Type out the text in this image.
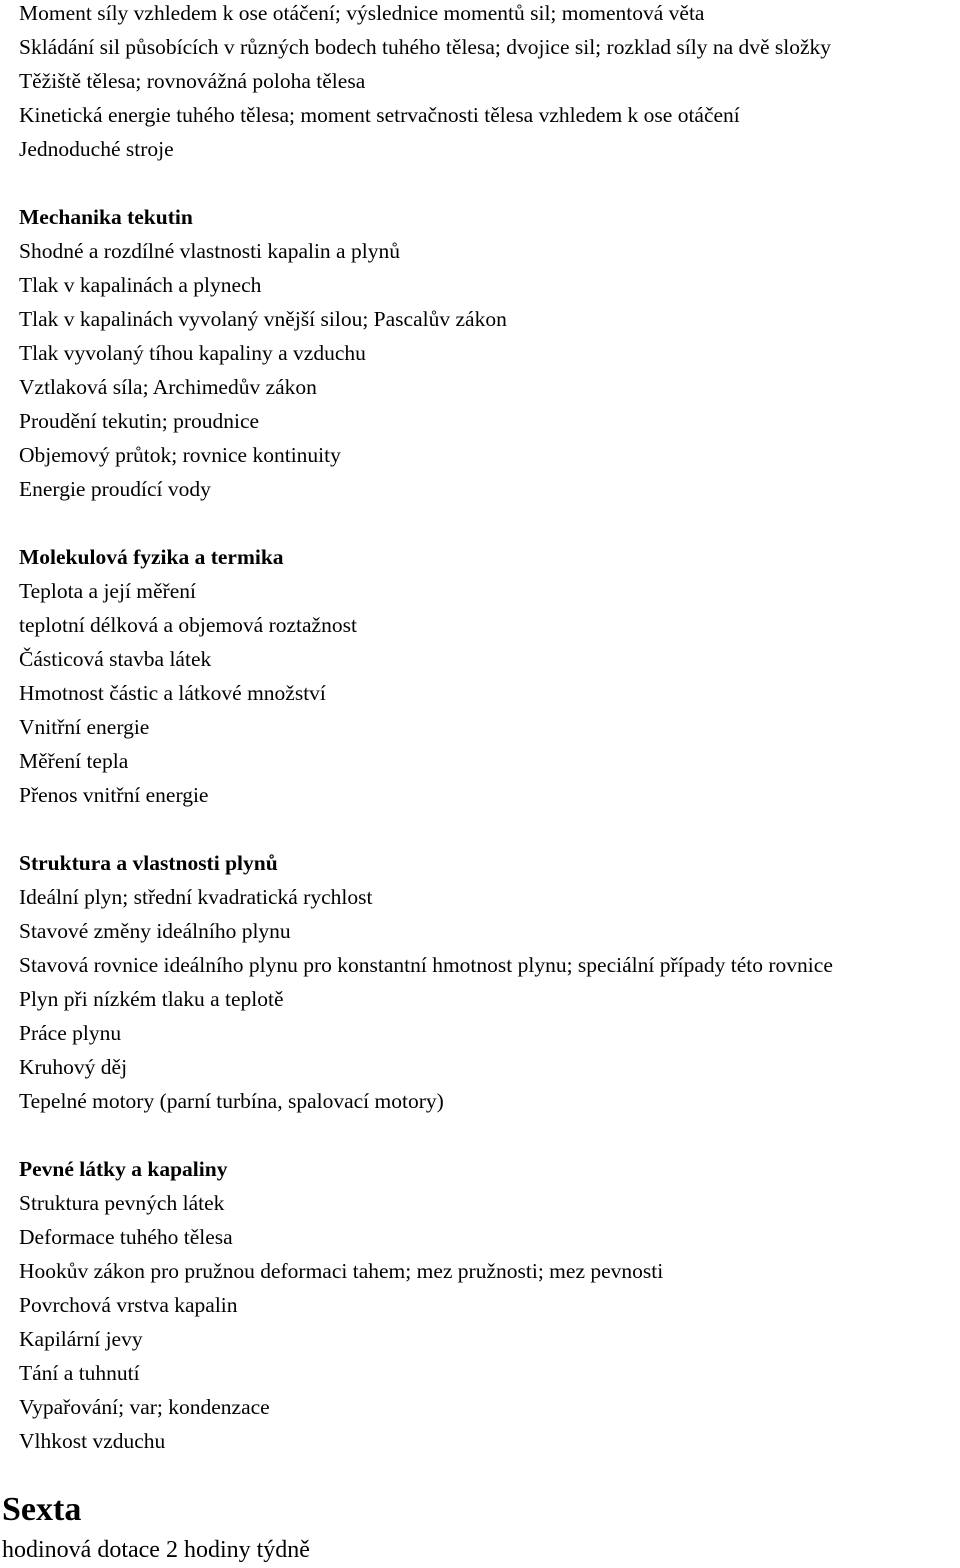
Vlhkost vzduchu
Vypařování; var; kondenzace
Tání a tuhnutí
Kapilární jevy
Povrchová vrstva kapalin
Hookův zákon pro pružnou deformaci tahem; mez pružnosti; mez pevnosti
Deformace tuhého tělesa
Struktura pevných látek
Pevné látky a kapaliny
Tepelné motory (parní turbína, spalovací motory)
Kruhový děj
Práce plynu
Plyn při nízkém tlaku a teplotě
Stavová rovnice ideálního plynu pro konstantní hmotnost plynu; speciální případy této rovnice
Stavové změny ideálního plynu
Ideální plyn; střední kvadratická rychlost
Struktura a vlastnosti plynů
Přenos vnitřní energie
Měření tepla
Vnitřní energie
Hmotnost částic a látkové množství
Částicová stavba látek
teplotní délková a objemová roztažnost
Teplota a její měření
Molekulová fyzika a termika
Energie proudící vody
Objemový průtok; rovnice kontinuity
Proudění tekutin; proudnice
Vztlaková síla; Archimedův zákon
Tlak vyvolaný tíhou kapaliny a vzduchu
Tlak v kapalinách vyvolaný vnější silou; Pascalův zákon
Tlak v kapalinách a plynech
Shodné a rozdílné vlastnosti kapalin a plynů
Mechanika tekutin
Jednoduché stroje
Kinetická energie tuhého tělesa; moment setrvačnosti tělesa vzhledem k ose otáčení
Těžiště tělesa; rovnovážná poloha tělesa
Skládání sil působících v různých bodech tuhého tělesa; dvojice sil; rozklad síly na dvě složky
Moment síly vzhledem k ose otáčení; výslednice momentů sil; momentová věta
Sexta
hodinová dotace 2 hodiny týdně
